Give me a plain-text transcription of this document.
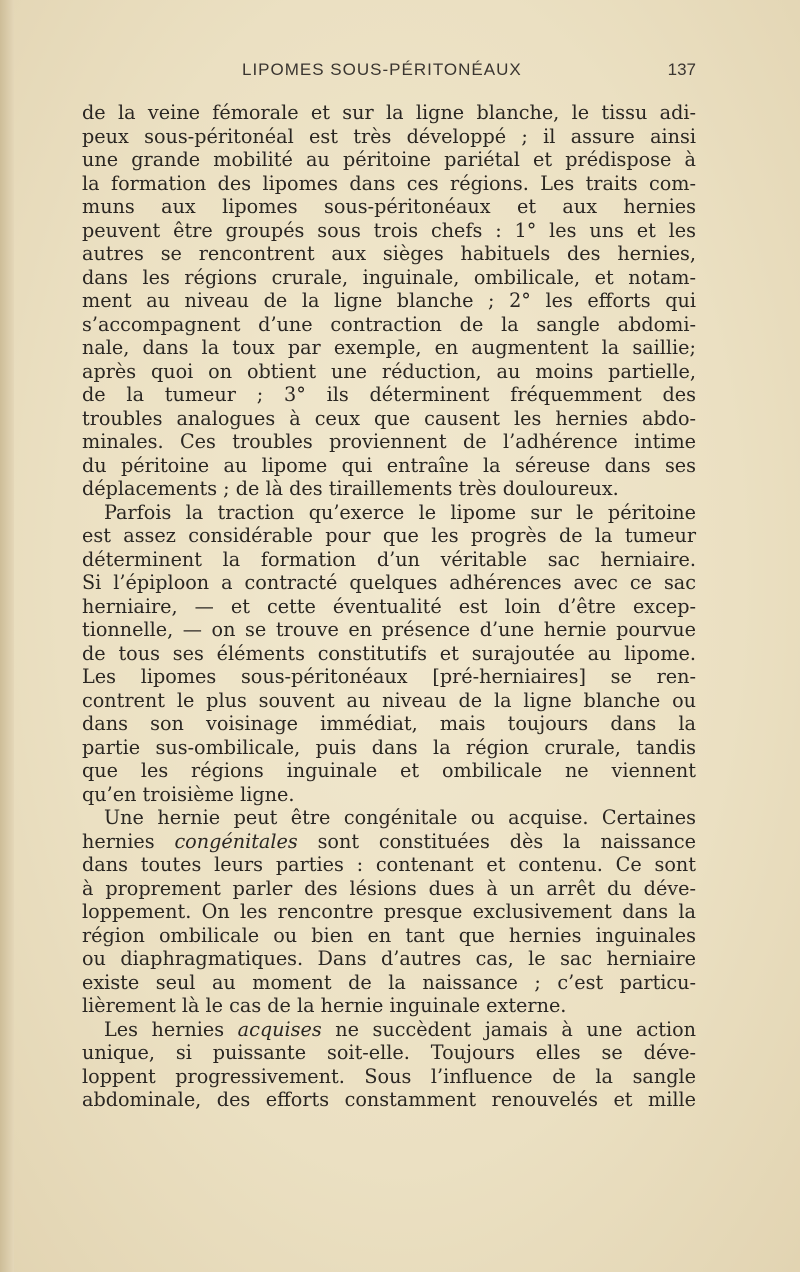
LIPOMES SOUS-PÉRITONÉAUX	137
de la veine fémorale et sur la ligne blanche, le tissu adi-
peux sous-péritonéal est très développé ; il assure ainsi
une grande mobilité au péritoine pariétal et prédispose à
la formation des lipomes dans ces régions. Les traits com-
muns aux lipomes sous-péritonéaux et aux hernies
peuvent être groupés sous trois chefs : 1° les uns et les
autres se rencontrent aux sièges habituels des hernies,
dans les régions crurale, inguinale, ombilicale, et notam-
ment au niveau de la ligne blanche ; 2° les efforts qui
s’accompagnent d’une contraction de la sangle abdomi-
nale, dans la toux par exemple, en augmentent la saillie;
après quoi on obtient une réduction, au moins partielle,
de la tumeur ; 3° ils déterminent fréquemment des
troubles analogues à ceux que causent les hernies abdo-
minales. Ces troubles proviennent de l’adhérence intime
du péritoine au lipome qui entraîne la séreuse dans ses
déplacements ; de là des tiraillements très douloureux.
Parfois la traction qu’exerce le lipome sur le péritoine
est assez considérable pour que les progrès de la tumeur
déterminent la formation d’un véritable sac herniaire.
Si l’épiploon a contracté quelques adhérences avec ce sac
herniaire, — et cette éventualité est loin d’être excep-
tionnelle, — on se trouve en présence d’une hernie pourvue
de tous ses éléments constitutifs et surajoutée au lipome.
Les lipomes sous-péritonéaux [pré-herniaires] se ren-
contrent le plus souvent au niveau de la ligne blanche ou
dans son voisinage immédiat, mais toujours dans la
partie sus-ombilicale, puis dans la région crurale, tandis
que les régions inguinale et ombilicale ne viennent
qu’en troisième ligne.
Une hernie peut être congénitale ou acquise. Certaines
hernies congénitales sont constituées dès la naissance
dans toutes leurs parties : contenant et contenu. Ce sont
à proprement parler des lésions dues à un arrêt du déve-
loppement. On les rencontre presque exclusivement dans la
région ombilicale ou bien en tant que hernies inguinales
ou diaphragmatiques. Dans d’autres cas, le sac herniaire
existe seul au moment de la naissance ; c’est particu-
lièrement là le cas de la hernie inguinale externe.
Les hernies acquises ne succèdent jamais à une action
unique, si puissante soit-elle. Toujours elles se déve-
loppent progressivement. Sous l’influence de la sangle
abdominale, des efforts constamment renouvelés et mille
